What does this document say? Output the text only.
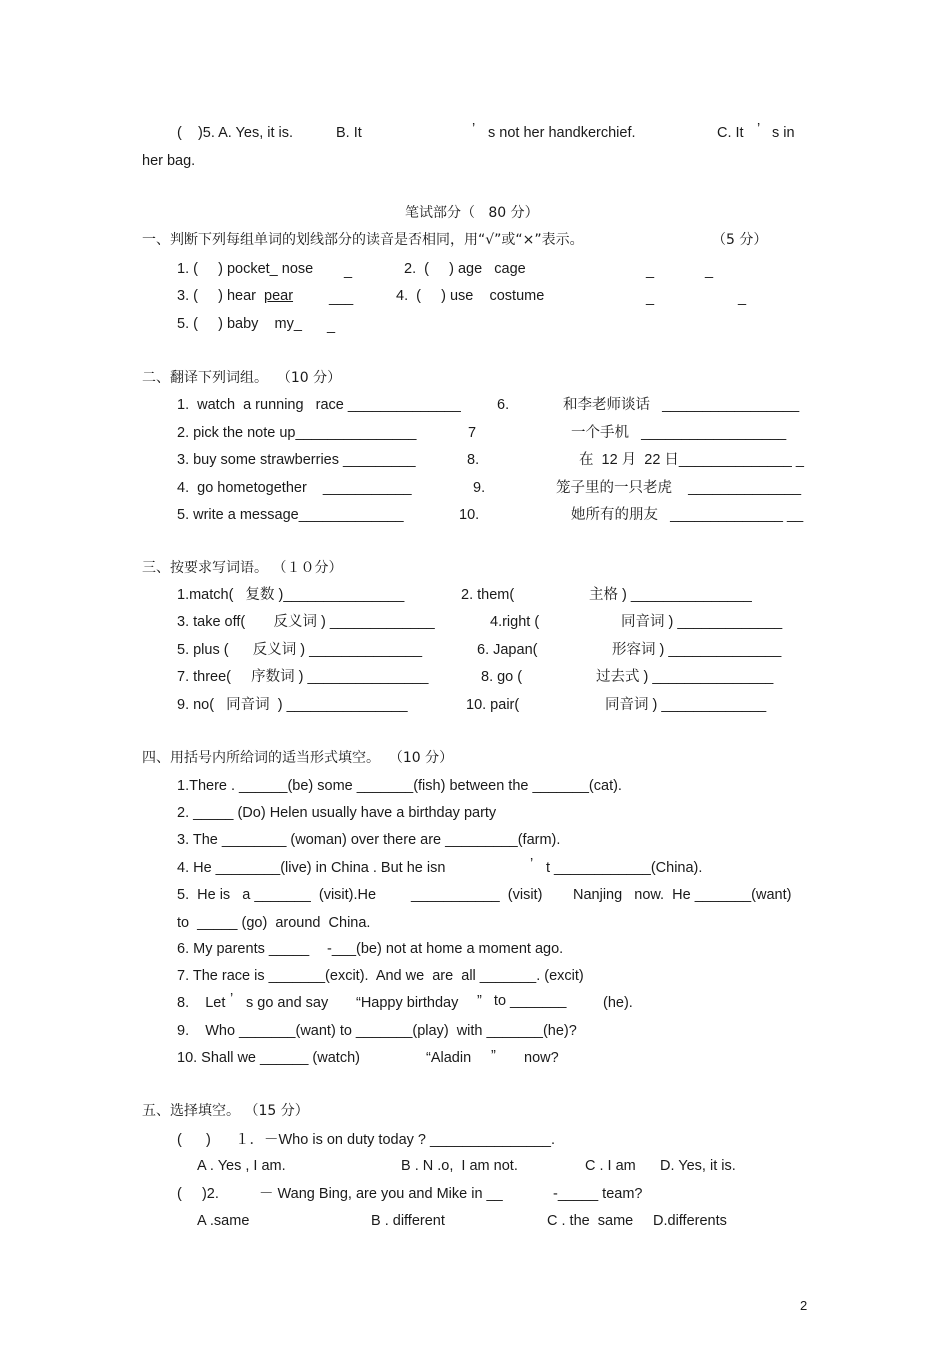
(    )5. A. Yes, it is.	B. It	’ s not her handkerchief.	C. It ’ s in
her bag.
笔试部分（   80 分）
一、判断下列每组单词的划线部分的读音是否相同，用“√”或“×”表示。	（5 分）
1. (     ) pocket_ nose _	2.  (     ) age   cage	_	_
3. (     ) hear pear ___	4.  (     ) use    costume	_	_
5. (     ) baby    my_ _
二、翻译下列词组。  （10 分）
1.  watch  a running   race ______________ 6.	和李老师谈话   _________________
2. pick the note up_______________	7	一个手机   __________________
3. buy some strawberries _________	8.	在  12 月  22 日______________ _
4.  go hometogether    ___________	9.	笼子里的一只老虎    ______________
5. write a message_____________	10.	她所有的朋友   ______________ __
三、按要求写词语。 （１０分）
1.match(   复数 )_______________	2. them(	主格 ) _______________
3. take off(       反义词 ) _____________	4.right (	同音词 ) _____________
5. plus (      反义词 ) ______________	6. Japan(	形容词 ) ______________
7. three(     序数词 ) _______________	8. go (	过去式 ) _______________
9. no(   同音词  ) _______________	10. pair(	同音词 ) _____________
四、用括号内所给词的适当形式填空。  （10 分）
1.There . ______(be) some _______(fish) between the _______(cat).
2. _____ (Do) Helen usually have a birthday party
3. The ________ (woman) over there are _________(farm).
4. He ________(live) in China . But he isn	’ t ____________(China).
5.  He is   a _______  (visit).He ___________  (visit) Nanjing   now.  He _______(want)
to  _____ (go)  around  China.
6. My parents _____ -___(be) not at home a moment ago.
7. The race is _______(excit).  And we  are  all _______. (excit)
8.    Let ’ s go and say “Happy birthday ”   to _______	(he).
9.    Who _______(want) to _______(play)  with _______(he)?
10. Shall we ______ (watch)	“Aladin ” now?
五、选择填空。 （15 分）
(      )      １．－Who is on duty today ? _______________.
A . Yes , I am.	B . N .o,  I am not.	C . I am D. Yes, it is.
(     )2.	－ Wang Bing, are you and Mike in __	-_____ team?
A .same	B . different	C . the  same D.differents
2
